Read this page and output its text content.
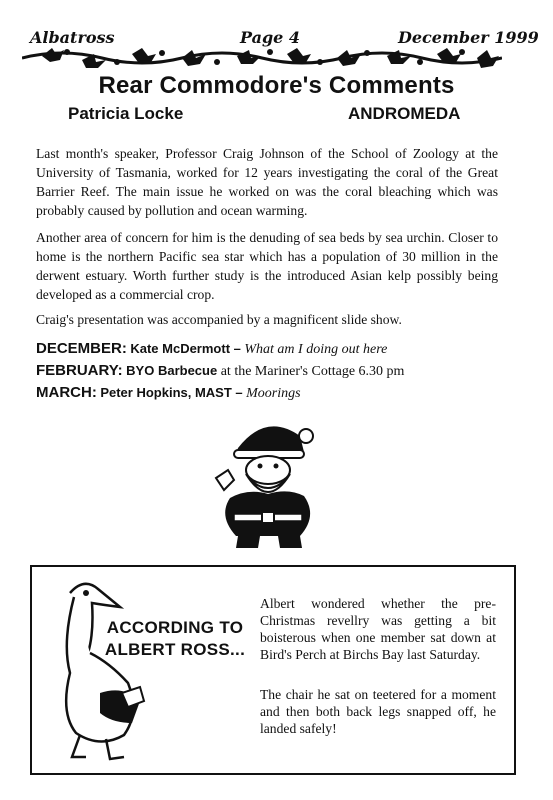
Albatross	Page 4	December 1999
Rear Commodore's Comments
Patricia Locke	ANDROMEDA

Last month's speaker, Professor Craig Johnson of the School of Zoology at the University of Tasmania, worked for 12 years investigating the coral of the Great Barrier Reef. The main issue he worked on was the coral bleaching which was probably caused by pollution and ocean warming.

Another area of concern for him is the denuding of sea beds by sea urchin. Closer to home is the northern Pacific sea star which has a population of 30 million in the derwent estuary. Worth further study is the introduced Asian kelp possibly being developed as a commercial crop.

Craig's presentation was accompanied by a magnificent slide show.

DECEMBER: Kate McDermott – What am I doing out here
FEBRUARY: BYO Barbecue at the Mariner's Cottage 6.30 pm
MARCH: Peter Hopkins, MAST – Moorings
ACCORDING TO
ALBERT ROSS...

Albert wondered whether the pre-Christmas revellry was getting a bit boisterous when one member sat down at Bird's Perch at Birchs Bay last Saturday.

The chair he sat on teetered for a moment and then both back legs snapped off, he landed safely!
